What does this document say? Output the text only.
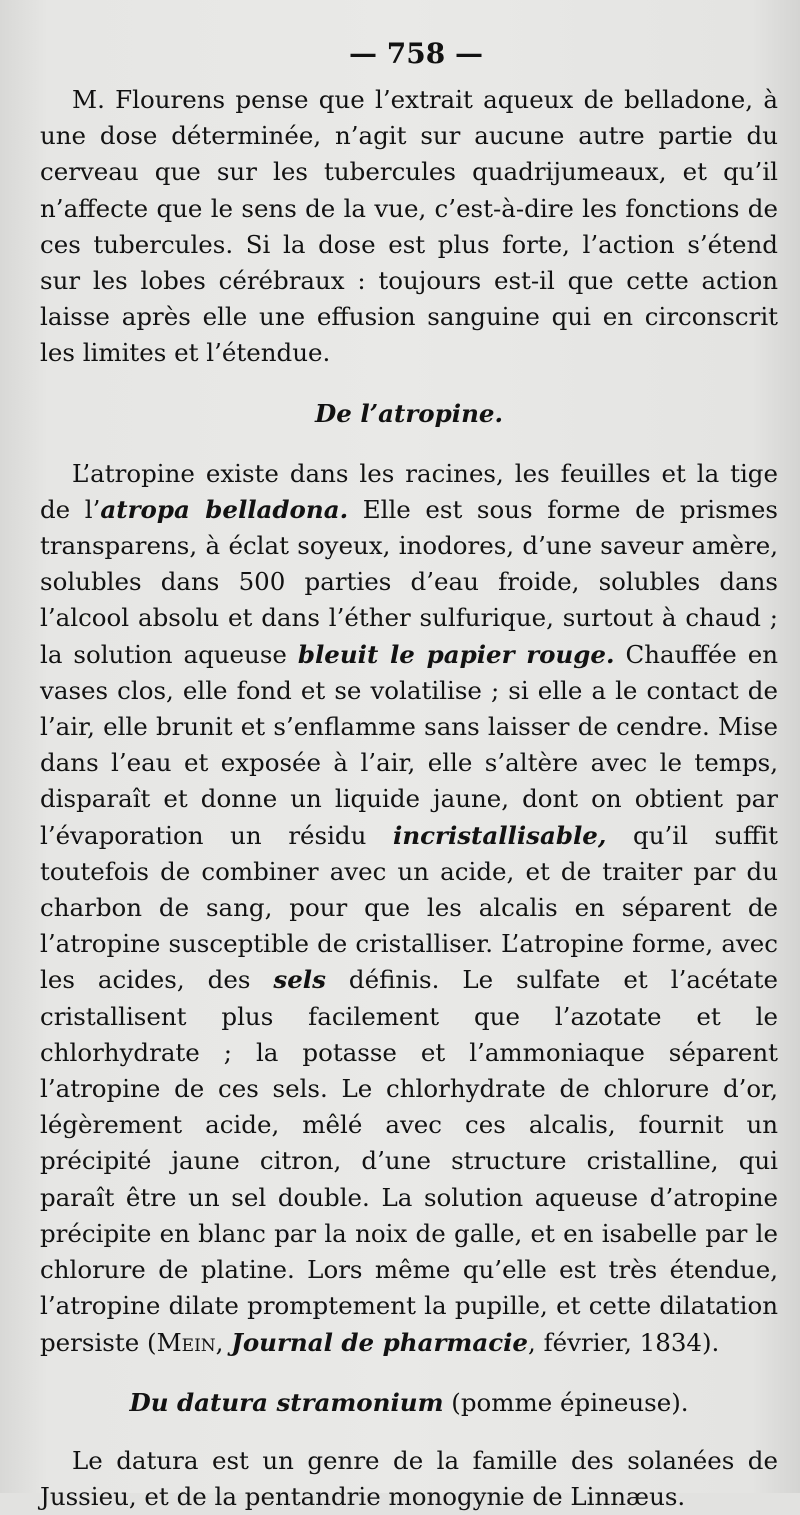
— 758 —

M. Flourens pense que l’extrait aqueux de belladone, à une dose déterminée, n’agit sur aucune autre partie du cerveau que sur les tubercules quadrijumeaux, et qu’il n’affecte que le sens de la vue, c’est-à-dire les fonctions de ces tubercules. Si la dose est plus forte, l’action s’étend sur les lobes cérébraux : toujours est-il que cette action laisse après elle une effusion sanguine qui en circonscrit les limites et l’étendue.

De l’atropine.

L’atropine existe dans les racines, les feuilles et la tige de l’atropa belladona. Elle est sous forme de prismes transparens, à éclat soyeux, inodores, d’une saveur amère, solubles dans 500 parties d’eau froide, solubles dans l’alcool absolu et dans l’éther sulfurique, surtout à chaud ; la solution aqueuse bleuit le papier rouge. Chauffée en vases clos, elle fond et se volatilise ; si elle a le contact de l’air, elle brunit et s’enflamme sans laisser de cendre. Mise dans l’eau et exposée à l’air, elle s’altère avec le temps, disparaît et donne un liquide jaune, dont on obtient par l’évaporation un résidu incristallisable, qu’il suffit toutefois de combiner avec un acide, et de traiter par du charbon de sang, pour que les alcalis en séparent de l’atropine susceptible de cristalliser. L’atropine forme, avec les acides, des sels définis. Le sulfate et l’acétate cristallisent plus facilement que l’azotate et le chlorhydrate ; la potasse et l’ammoniaque séparent l’atropine de ces sels. Le chlorhydrate de chlorure d’or, légèrement acide, mêlé avec ces alcalis, fournit un précipité jaune citron, d’une structure cristalline, qui paraît être un sel double. La solution aqueuse d’atropine précipite en blanc par la noix de galle, et en isabelle par le chlorure de platine. Lors même qu’elle est très étendue, l’atropine dilate promptement la pupille, et cette dilatation persiste (Mein, Journal de pharmacie, février, 1834).

Du datura stramonium (pomme épineuse).

Le datura est un genre de la famille des solanées de Jussieu, et de la pentandrie monogynie de Linnæus.
